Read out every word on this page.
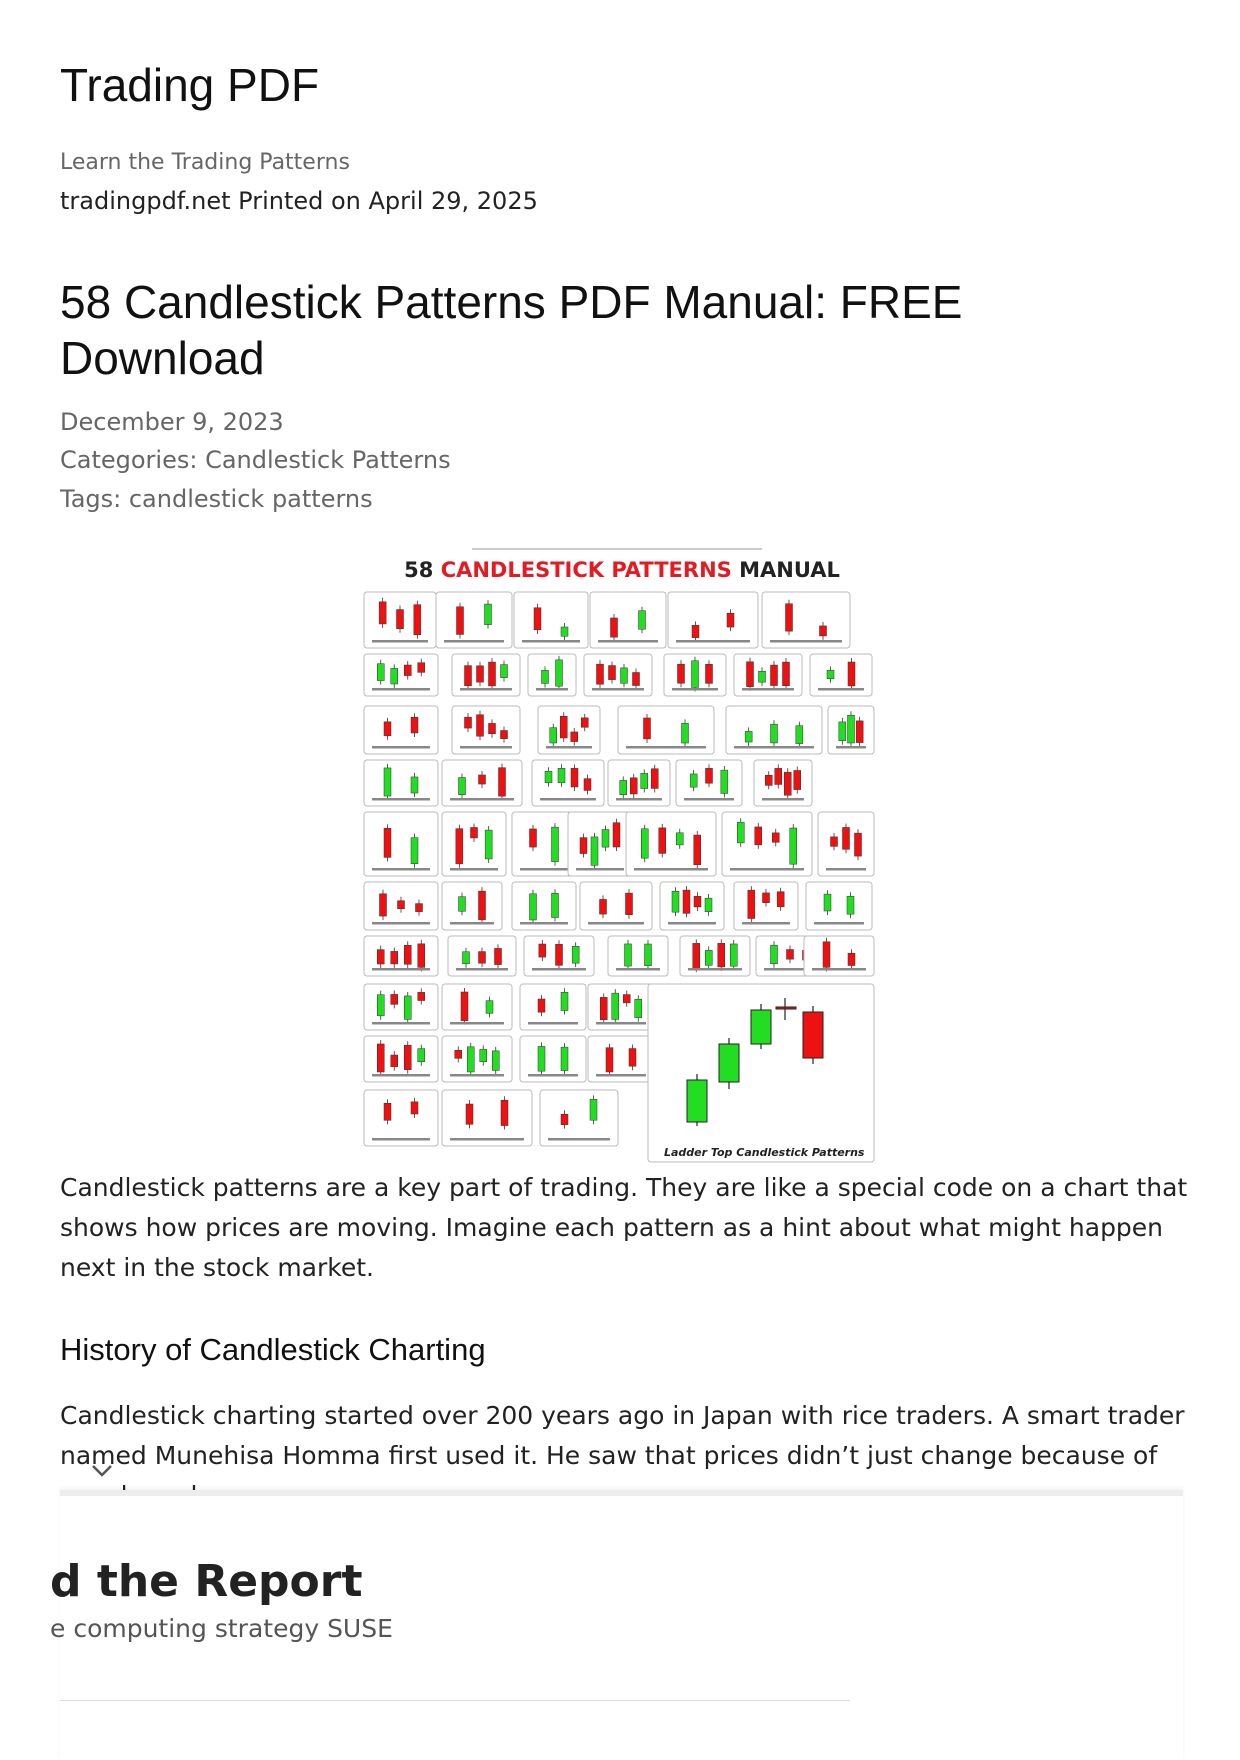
Trading PDF
Learn the Trading Patterns
tradingpdf.net Printed on April 29, 2025
58 Candlestick Patterns PDF Manual: FREE Download
December 9, 2023
Categories: Candlestick Patterns
Tags: candlestick patterns
58 CANDLESTICK PATTERNS MANUAL
Ladder Top Candlestick Patterns

Candlestick patterns are a key part of trading. They are like a special code on a chart that shows how prices are moving. Imagine each pattern as a hint about what might happen next in the stock market.

History of Candlestick Charting

Candlestick charting started over 200 years ago in Japan with rice traders. A smart trader named Munehisa Homma first used it. He saw that prices didn’t just change because of

d the Report
e computing strategy SUSE
